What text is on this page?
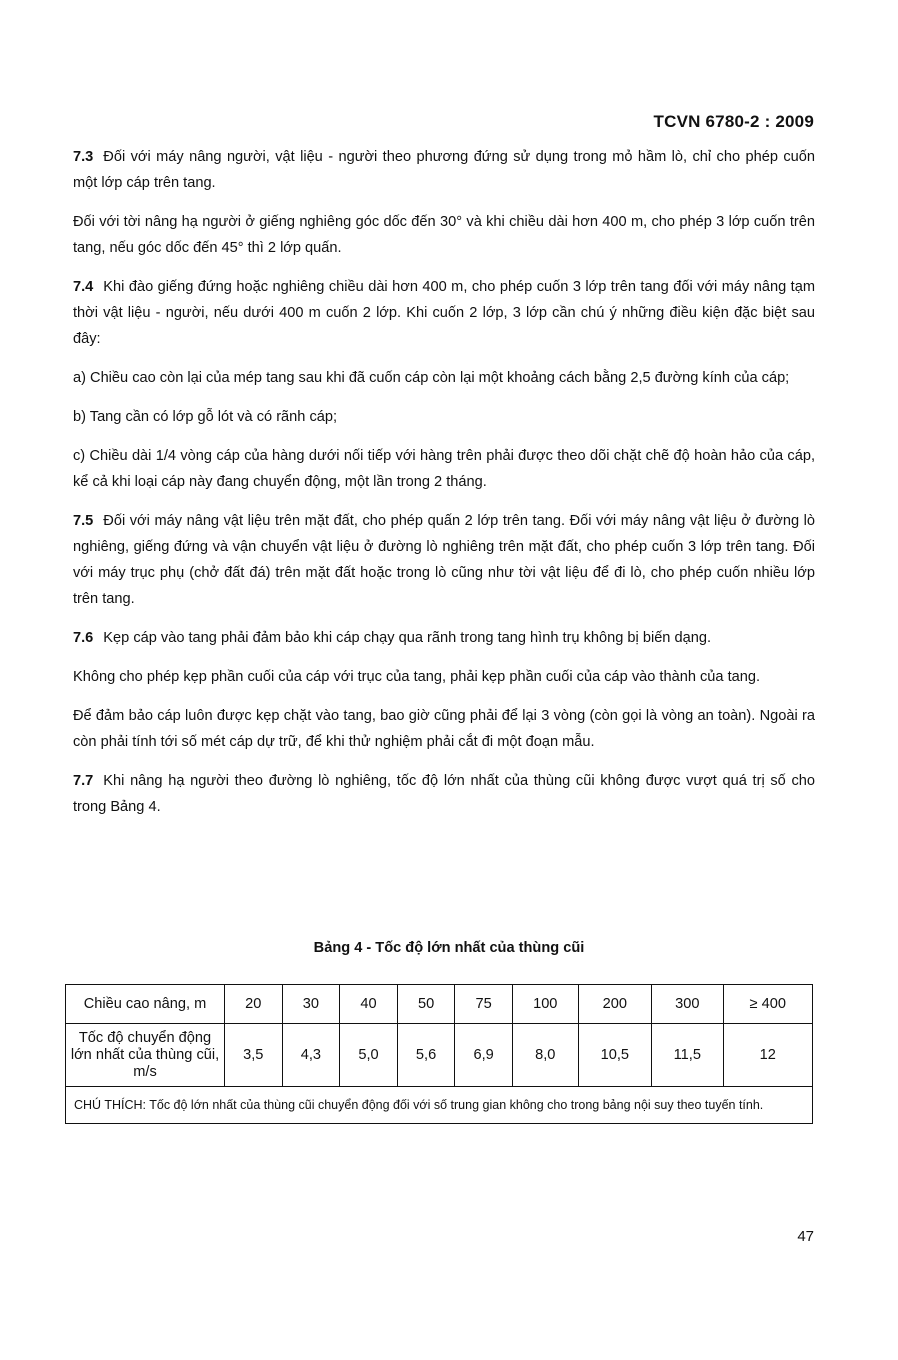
TCVN 6780-2 : 2009

7.3 Đối với máy nâng người, vật liệu - người theo phương đứng sử dụng trong mỏ hầm lò, chỉ cho phép cuốn một lớp cáp trên tang.

Đối với tời nâng hạ người ở giếng nghiêng góc dốc đến 30° và khi chiều dài hơn 400 m, cho phép 3 lớp cuốn trên tang, nếu góc dốc đến 45° thì 2 lớp quấn.

7.4 Khi đào giếng đứng hoặc nghiêng chiều dài hơn 400 m, cho phép cuốn 3 lớp trên tang đối với máy nâng tạm thời vật liệu - người, nếu dưới 400 m cuốn 2 lớp. Khi cuốn 2 lớp, 3 lớp cần chú ý những điều kiện đặc biệt sau đây:

a) Chiều cao còn lại của mép tang sau khi đã cuốn cáp còn lại một khoảng cách bằng 2,5 đường kính của cáp;

b) Tang cần có lớp gỗ lót và có rãnh cáp;

c) Chiều dài 1/4 vòng cáp của hàng dưới nối tiếp với hàng trên phải được theo dõi chặt chẽ độ hoàn hảo của cáp, kể cả khi loại cáp này đang chuyển động, một lần trong 2 tháng.

7.5 Đối với máy nâng vật liệu trên mặt đất, cho phép quấn 2 lớp trên tang. Đối với máy nâng vật liệu ở đường lò nghiêng, giếng đứng và vận chuyển vật liệu ở đường lò nghiêng trên mặt đất, cho phép cuốn 3 lớp trên tang. Đối với máy trục phụ (chở đất đá) trên mặt đất hoặc trong lò cũng như tời vật liệu để đi lò, cho phép cuốn nhiều lớp trên tang.

7.6 Kẹp cáp vào tang phải đảm bảo khi cáp chạy qua rãnh trong tang hình trụ không bị biến dạng.

Không cho phép kẹp phần cuối của cáp với trục của tang, phải kẹp phần cuối của cáp vào thành của tang.

Để đảm bảo cáp luôn được kẹp chặt vào tang, bao giờ cũng phải để lại 3 vòng (còn gọi là vòng an toàn). Ngoài ra còn phải tính tới số mét cáp dự trữ, để khi thử nghiệm phải cắt đi một đoạn mẫu.

7.7 Khi nâng hạ người theo đường lò nghiêng, tốc độ lớn nhất của thùng cũi không được vượt quá trị số cho trong Bảng 4.

Bảng 4 - Tốc độ lớn nhất của thùng cũi
Chiều cao nâng, m	20	30	40	50	75	100	200	300	≥ 400
Tốc độ chuyển động lớn nhất của thùng cũi, m/s	3,5	4,3	5,0	5,6	6,9	8,0	10,5	11,5	12
CHÚ THÍCH: Tốc độ lớn nhất của thùng cũi chuyển động đối với số trung gian không cho trong bảng nội suy theo tuyến tính.									
47
